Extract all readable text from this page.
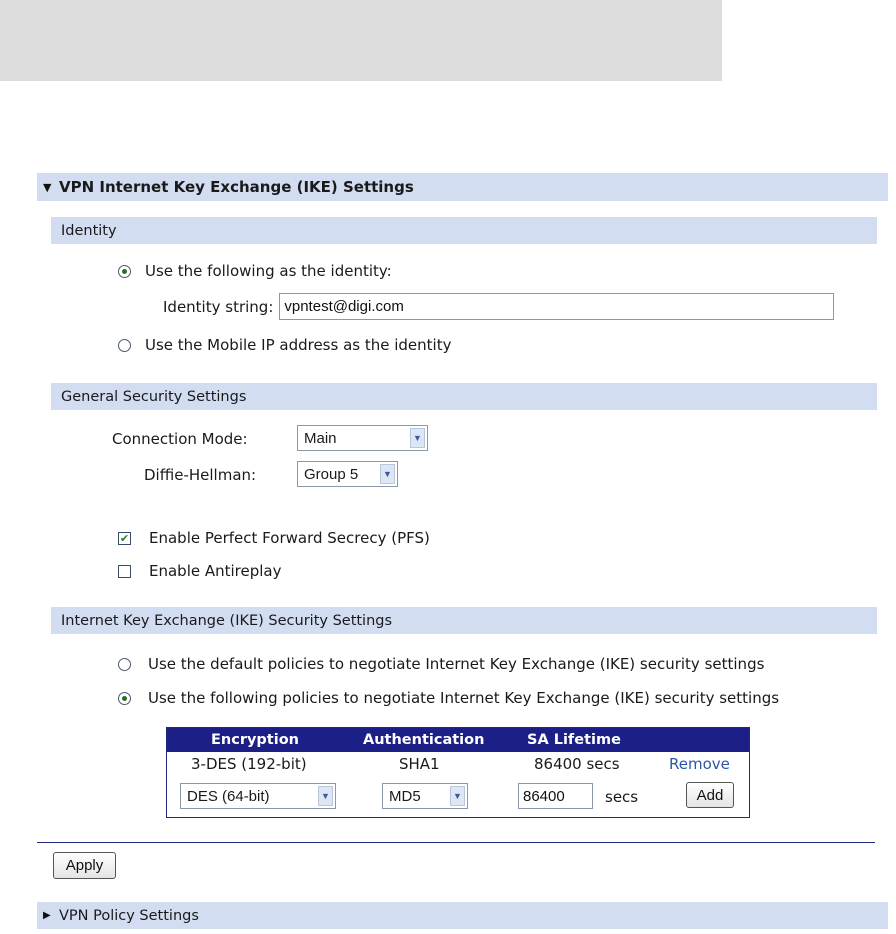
▼ VPN Internet Key Exchange (IKE) Settings
Identity
Use the following as the identity:
Identity string: vpntest@digi.com
Use the Mobile IP address as the identity
General Security Settings
Connection Mode:	Main	▼
Diffie-Hellman:	Group 5	▼
✔ Enable Perfect Forward Secrecy (PFS)
Enable Antireplay
Internet Key Exchange (IKE) Security Settings
Use the default policies to negotiate Internet Key Exchange (IKE) security settings
Use the following policies to negotiate Internet Key Exchange (IKE) security settings
Encryption	Authentication	SA Lifetime
3-DES (192-bit)	SHA1	86400 secs	Remove
DES (64-bit)	▼	MD5	▼	86400	secs	Add
Apply
▶ VPN Policy Settings
